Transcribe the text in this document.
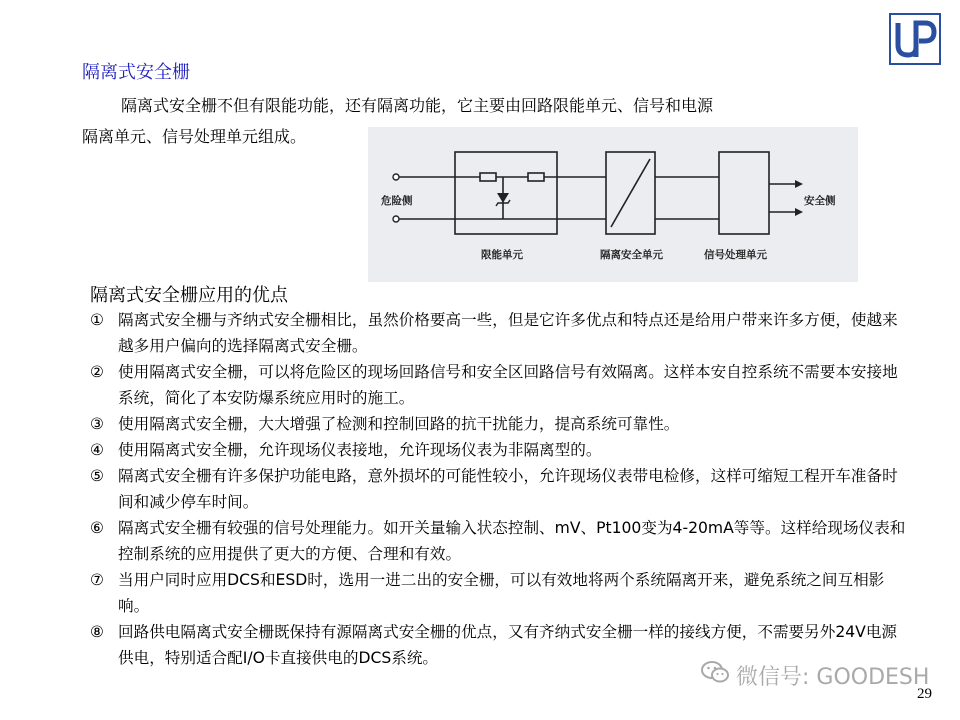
隔离式安全栅
隔离式安全栅不但有限能功能，还有隔离功能，它主要由回路限能单元、信号和电源
隔离单元、信号处理单元组成。
危险侧	安全侧
限能单元	隔离安全单元	信号处理单元
隔离式安全栅应用的优点
① 隔离式安全栅与齐纳式安全栅相比，虽然价格要高一些，但是它许多优点和特点还是给用户带来许多方便，使越来越多用户偏向的选择隔离式安全栅。
② 使用隔离式安全栅，可以将危险区的现场回路信号和安全区回路信号有效隔离。这样本安自控系统不需要本安接地系统，简化了本安防爆系统应用时的施工。
③ 使用隔离式安全栅，大大增强了检测和控制回路的抗干扰能力，提高系统可靠性。
④ 使用隔离式安全栅，允许现场仪表接地，允许现场仪表为非隔离型的。
⑤ 隔离式安全栅有许多保护功能电路，意外损坏的可能性较小，允许现场仪表带电检修，这样可缩短工程开车准备时间和减少停车时间。
⑥ 隔离式安全栅有较强的信号处理能力。如开关量输入状态控制、mV、Pt100变为4-20mA等等。这样给现场仪表和控制系统的应用提供了更大的方便、合理和有效。
⑦ 当用户同时应用DCS和ESD时，选用一进二出的安全栅，可以有效地将两个系统隔离开来，避免系统之间互相影响。
⑧ 回路供电隔离式安全栅既保持有源隔离式安全栅的优点，又有齐纳式安全栅一样的接线方便，不需要另外24V电源供电，特别适合配I/O卡直接供电的DCS系统。
微信号: GOODESH
29
